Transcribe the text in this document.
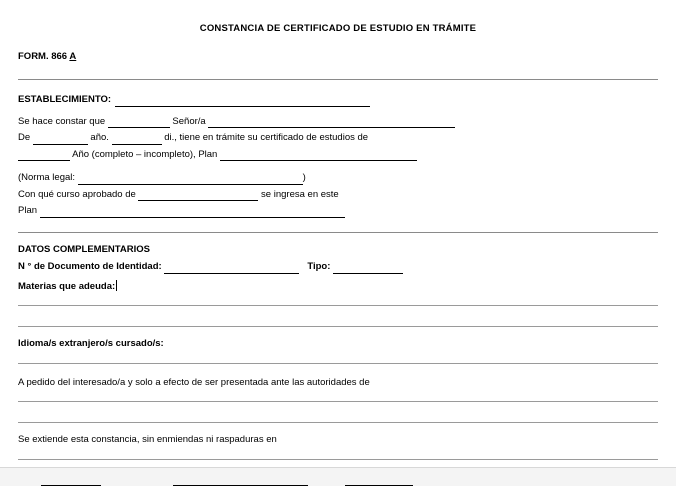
CONSTANCIA DE CERTIFICADO DE ESTUDIO EN TRÁMITE
FORM. 866 A
ESTABLECIMIENTO:
Se hace constar que	Señor/a
De	año.	di., tiene en trámite su certificado de estudios de
Año (completo – incompleto), Plan
(Norma legal:	)
Con qué curso aprobado de	se ingresa en este
Plan
DATOS COMPLEMENTARIOS
N ° de Documento de Identidad:	Tipo:
Materias que adeuda:
Idioma/s extranjero/s cursado/s:
A pedido del interesado/a y solo a efecto de ser presentada ante las autoridades de
Se extiende esta constancia, sin enmiendas ni raspaduras en
